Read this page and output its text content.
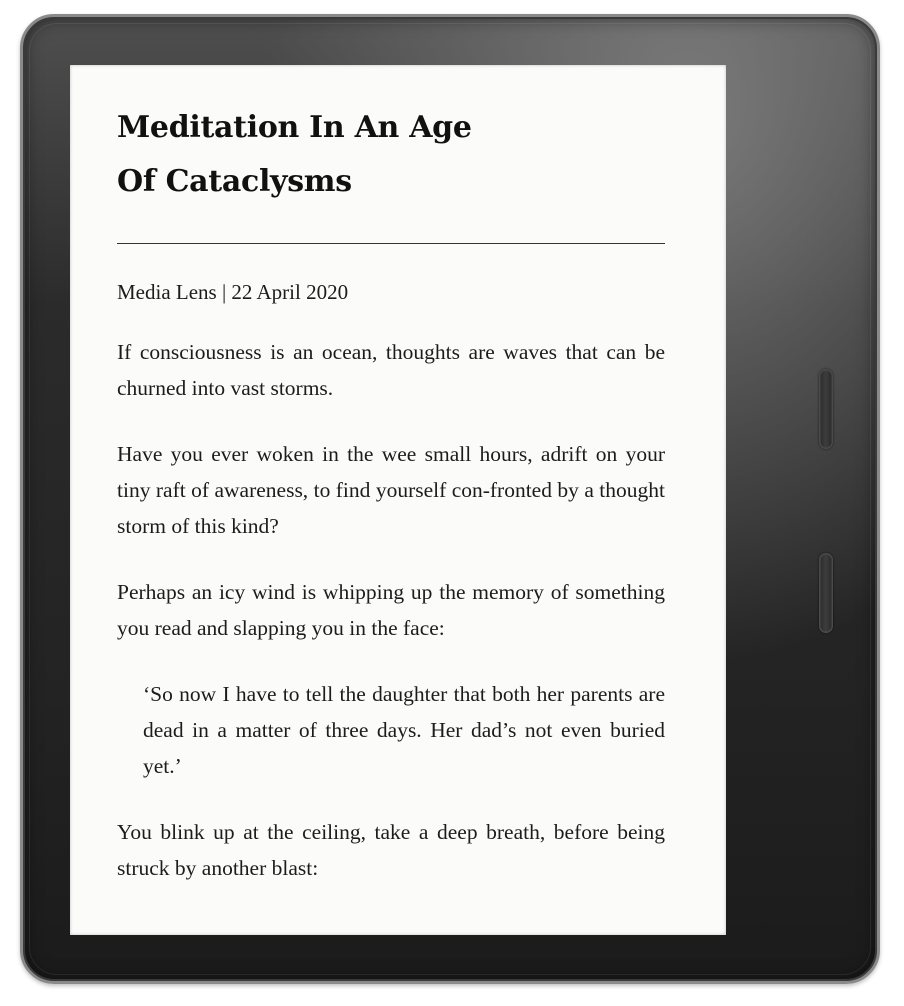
Meditation In An Age
Of Cataclysms

Media Lens | 22 April 2020

If consciousness is an ocean, thoughts are waves that can be churned into vast storms.

Have you ever woken in the wee small hours, adrift on your tiny raft of awareness, to find yourself con-fronted by a thought storm of this kind?

Perhaps an icy wind is whipping up the memory of something you read and slapping you in the face:

‘So now I have to tell the daughter that both her parents are dead in a matter of three days. Her dad’s not even buried yet.’

You blink up at the ceiling, take a deep breath, before being struck by another blast:
